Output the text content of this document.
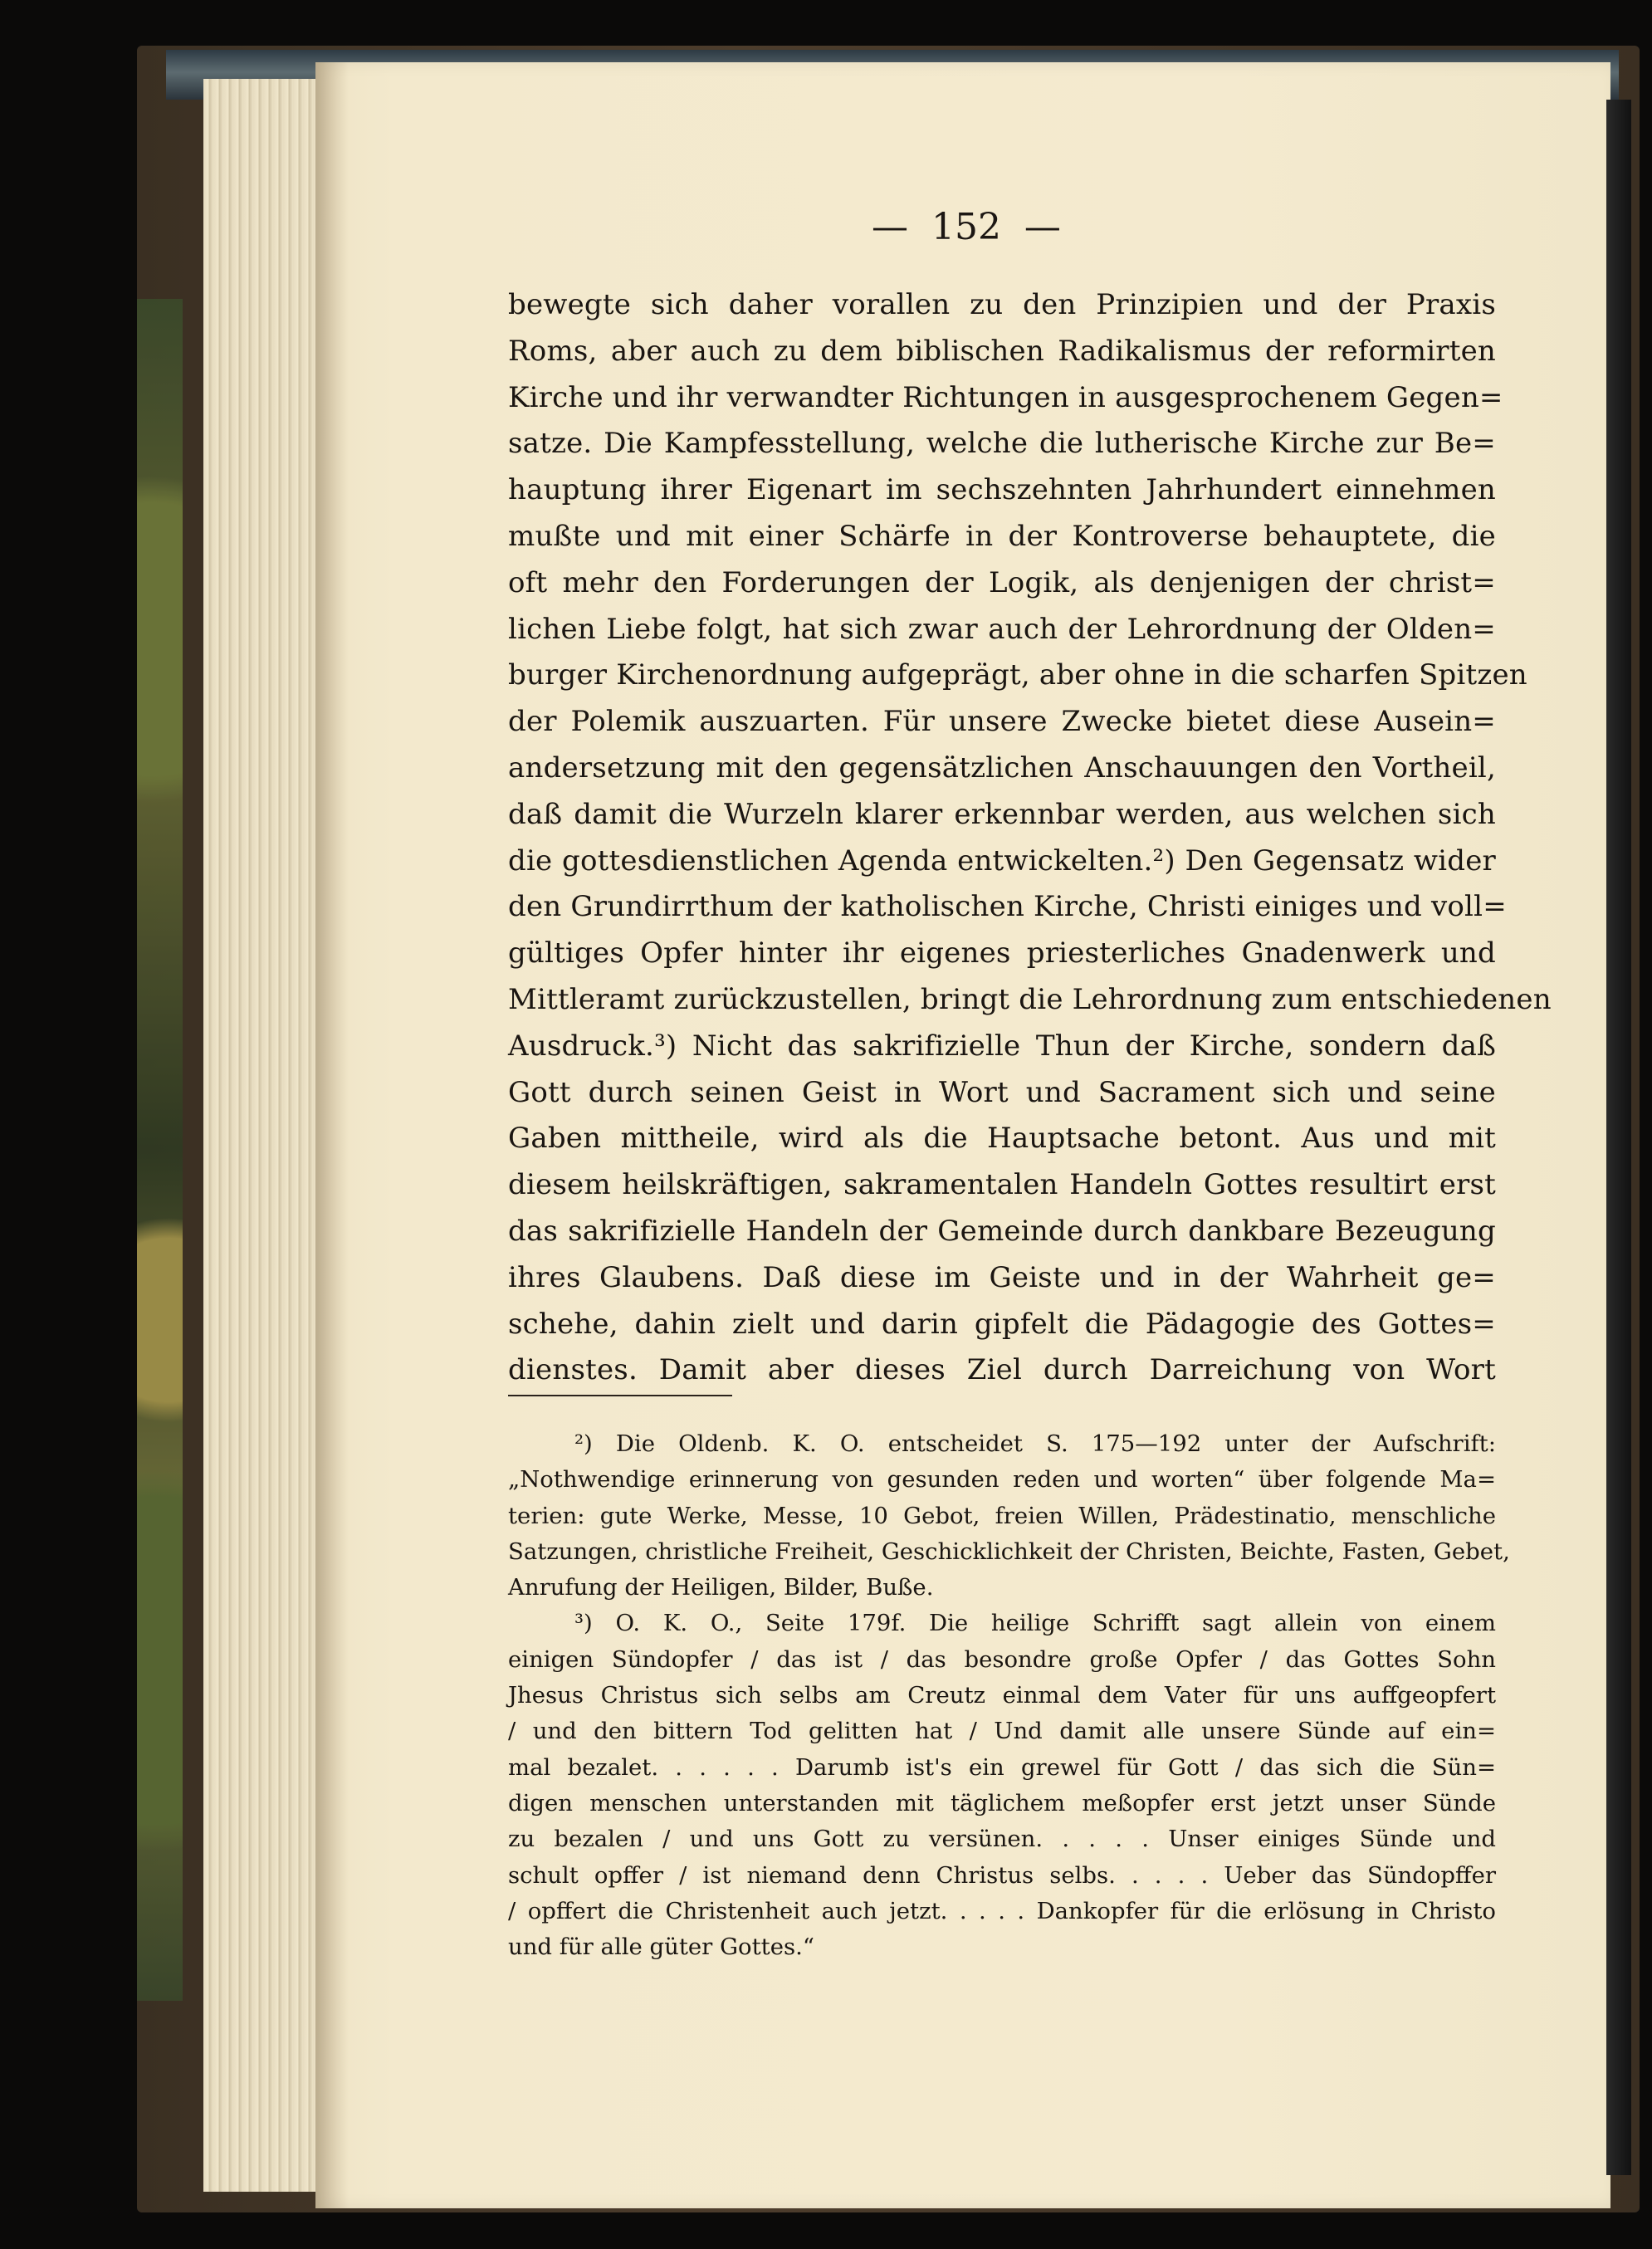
—  152  —
bewegte sich daher vorallen zu den Prinzipien und der Praxis
Roms, aber auch zu dem biblischen Radikalismus der reformirten
Kirche und ihr verwandter Richtungen in ausgesprochenem Gegen=
satze. Die Kampfesstellung, welche die lutherische Kirche zur Be=
hauptung ihrer Eigenart im sechszehnten Jahrhundert einnehmen
mußte und mit einer Schärfe in der Kontroverse behauptete, die
oft mehr den Forderungen der Logik, als denjenigen der christ=
lichen Liebe folgt, hat sich zwar auch der Lehrordnung der Olden=
burger Kirchenordnung aufgeprägt, aber ohne in die scharfen Spitzen
der Polemik auszuarten. Für unsere Zwecke bietet diese Ausein=
andersetzung mit den gegensätzlichen Anschauungen den Vortheil,
daß damit die Wurzeln klarer erkennbar werden, aus welchen sich
die gottesdienstlichen Agenda entwickelten.²) Den Gegensatz wider
den Grundirrthum der katholischen Kirche, Christi einiges und voll=
gültiges Opfer hinter ihr eigenes priesterliches Gnadenwerk und
Mittleramt zurückzustellen, bringt die Lehrordnung zum entschiedenen
Ausdruck.³) Nicht das sakrifizielle Thun der Kirche, sondern daß
Gott durch seinen Geist in Wort und Sacrament sich und seine
Gaben mittheile, wird als die Hauptsache betont. Aus und mit
diesem heilskräftigen, sakramentalen Handeln Gottes resultirt erst
das sakrifizielle Handeln der Gemeinde durch dankbare Bezeugung
ihres Glaubens. Daß diese im Geiste und in der Wahrheit ge=
schehe, dahin zielt und darin gipfelt die Pädagogie des Gottes=
dienstes. Damit aber dieses Ziel durch Darreichung von Wort
²) Die Oldenb. K. O. entscheidet S. 175—192 unter der Aufschrift:
„Nothwendige erinnerung von gesunden reden und worten“ über folgende Ma=
terien: gute Werke, Messe, 10 Gebot, freien Willen, Prädestinatio, menschliche
Satzungen, christliche Freiheit, Geschicklichkeit der Christen, Beichte, Fasten, Gebet,
Anrufung der Heiligen, Bilder, Buße.
³) O. K. O., Seite 179f. Die heilige Schrifft sagt allein von einem
einigen Sündopfer / das ist / das besondre große Opfer / das Gottes Sohn
Jhesus Christus sich selbs am Creutz einmal dem Vater für uns auffgeopfert
/ und den bittern Tod gelitten hat / Und damit alle unsere Sünde auf ein=
mal bezalet. . . . . . Darumb ist's ein grewel für Gott / das sich die Sün=
digen menschen unterstanden mit täglichem meßopfer erst jetzt unser Sünde
zu bezalen / und uns Gott zu versünen. . . . . Unser einiges Sünde und
schult opffer / ist niemand denn Christus selbs. . . . . Ueber das Sündopffer
/ opffert die Christenheit auch jetzt. . . . . Dankopfer für die erlösung in Christo
und für alle güter Gottes.“
